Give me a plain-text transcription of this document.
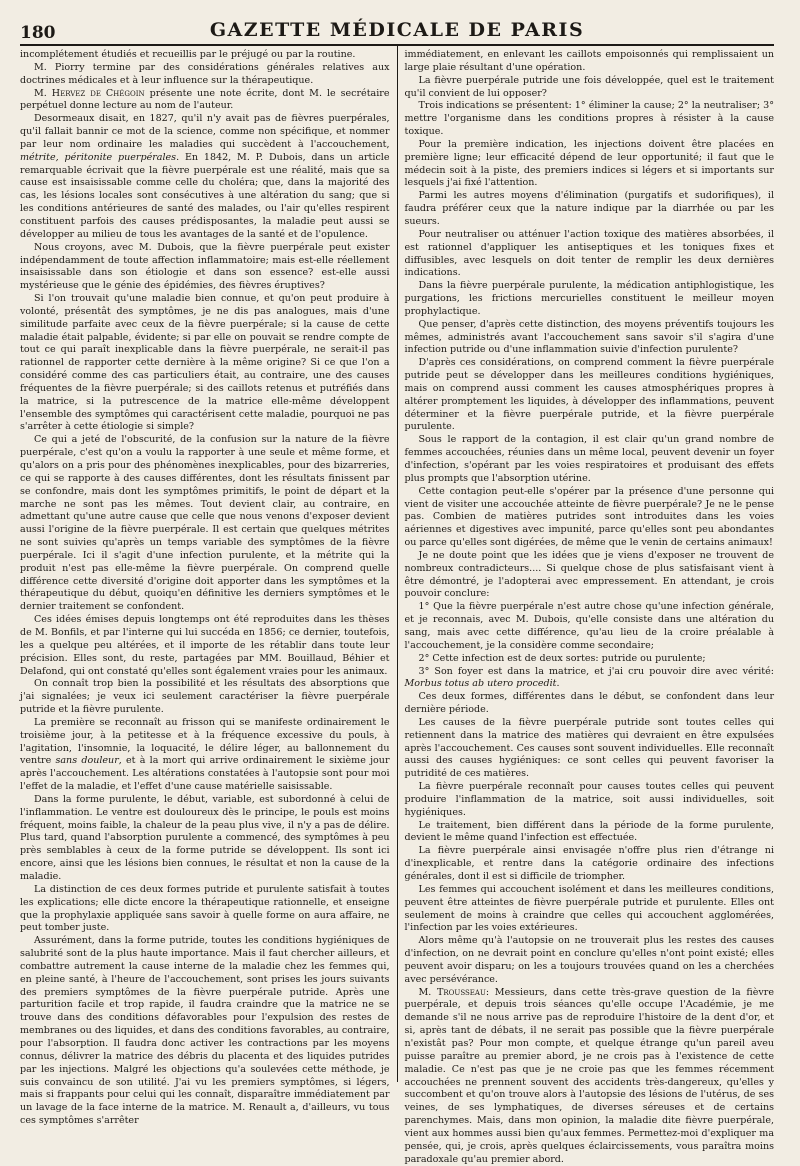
180	GAZETTE MÉDICALE DE PARIS

incomplétement étudiés et recueillis par le préjugé ou par la routine.

M. Piorry termine par des considérations générales relatives aux doctrines médicales et à leur influence sur la thérapeutique.

M. Hervez de Chégoin présente une note écrite, dont M. le secrétaire perpétuel donne lecture au nom de l'auteur.

Desormeaux disait, en 1827, qu'il n'y avait pas de fièvres puerpérales, qu'il fallait bannir ce mot de la science, comme non spécifique, et nommer par leur nom ordinaire les maladies qui succèdent à l'accouchement, métrite, péritonite puerpérales. En 1842, M. P. Dubois, dans un article remarquable écrivait que la fièvre puerpérale est une réalité, mais que sa cause est insaisissable comme celle du choléra; que, dans la majorité des cas, les lésions locales sont consécutives à une altération du sang; que si les conditions antérieures de santé des malades, ou l'air qu'elles respirent constituent parfois des causes prédisposantes, la maladie peut aussi se développer au milieu de tous les avantages de la santé et de l'opulence.

Nous croyons, avec M. Dubois, que la fièvre puerpérale peut exister indépendamment de toute affection inflammatoire; mais est-elle réellement insaisissable dans son étiologie et dans son essence? est-elle aussi mystérieuse que le génie des épidémies, des fièvres éruptives?

Si l'on trouvait qu'une maladie bien connue, et qu'on peut produire à volonté, présentât des symptômes, je ne dis pas analogues, mais d'une similitude parfaite avec ceux de la fièvre puerpérale; si la cause de cette maladie était palpable, évidente; si par elle on pouvait se rendre compte de tout ce qui paraît inexplicable dans la fièvre puerpérale, ne serait-il pas rationnel de rapporter cette dernière à la même origine? Si ce que l'on a considéré comme des cas particuliers était, au contraire, une des causes fréquentes de la fièvre puerpérale; si des caillots retenus et putréfiés dans la matrice, si la putrescence de la matrice elle-même développent l'ensemble des symptômes qui caractérisent cette maladie, pourquoi ne pas s'arrêter à cette étiologie si simple?

Ce qui a jeté de l'obscurité, de la confusion sur la nature de la fièvre puerpérale, c'est qu'on a voulu la rapporter à une seule et même forme, et qu'alors on a pris pour des phénomènes inexplicables, pour des bizarreries, ce qui se rapporte à des causes différentes, dont les résultats finissent par se confondre, mais dont les symptômes primitifs, le point de départ et la marche ne sont pas les mêmes. Tout devient clair, au contraire, en admettant qu'une autre cause que celle que nous venons d'exposer devient aussi l'origine de la fièvre puerpérale. Il est certain que quelques métrites ne sont suivies qu'après un temps variable des symptômes de la fièvre puerpérale. Ici il s'agit d'une infection purulente, et la métrite qui la produit n'est pas elle-même la fièvre puerpérale. On comprend quelle différence cette diversité d'origine doit apporter dans les symptômes et la thérapeutique du début, quoiqu'en définitive les derniers symptômes et le dernier traitement se confondent.

Ces idées émises depuis longtemps ont été reproduites dans les thèses de M. Bonfils, et par l'interne qui lui succéda en 1856; ce dernier, toutefois, les a quelque peu altérées, et il importe de les rétablir dans toute leur précision. Elles sont, du reste, partagées par MM. Bouillaud, Béhier et Delafond, qui ont constaté qu'elles sont également vraies pour les animaux.

On connaît trop bien la possibilité et les résultats des absorptions que j'ai signalées; je veux ici seulement caractériser la fièvre puerpérale putride et la fièvre purulente.

La première se reconnaît au frisson qui se manifeste ordinairement le troisième jour, à la petitesse et à la fréquence excessive du pouls, à l'agitation, l'insomnie, la loquacité, le délire léger, au ballonnement du ventre sans douleur, et à la mort qui arrive ordinairement le sixième jour après l'accouchement. Les altérations constatées à l'autopsie sont pour moi l'effet de la maladie, et l'effet d'une cause matérielle saisissable.

Dans la forme purulente, le début, variable, est subordonné à celui de l'inflammation. Le ventre est douloureux dès le principe, le pouls est moins fréquent, moins faible, la chaleur de la peau plus vive, il n'y a pas de délire. Plus tard, quand l'absorption purulente a commencé, des symptômes à peu près semblables à ceux de la forme putride se développent. Ils sont ici encore, ainsi que les lésions bien connues, le résultat et non la cause de la maladie.

La distinction de ces deux formes putride et purulente satisfait à toutes les explications; elle dicte encore la thérapeutique rationnelle, et enseigne que la prophylaxie appliquée sans savoir à quelle forme on aura affaire, ne peut tomber juste.

Assurément, dans la forme putride, toutes les conditions hygiéniques de salubrité sont de la plus haute importance. Mais il faut chercher ailleurs, et combattre autrement la cause interne de la maladie chez les femmes qui, en pleine santé, à l'heure de l'accouchement, sont prises les jours suivants des premiers symptômes de la fièvre puerpérale putride. Après une parturition facile et trop rapide, il faudra craindre que la matrice ne se trouve dans des conditions défavorables pour l'expulsion des restes de membranes ou des liquides, et dans des conditions favorables, au contraire, pour l'absorption. Il faudra donc activer les contractions par les moyens connus, délivrer la matrice des débris du placenta et des liquides putrides par les injections. Malgré les objections qu'a soulevées cette méthode, je suis convaincu de son utilité. J'ai vu les premiers symptômes, si légers, mais si frappants pour celui qui les connaît, disparaître immédiatement par un lavage de la face interne de la matrice. M. Renault a, d'ailleurs, vu tous ces symptômes s'arrêter

immédiatement, en enlevant les caillots empoisonnés qui remplissaient un large plaie résultant d'une opération.

La fièvre puerpérale putride une fois développée, quel est le traitement qu'il convient de lui opposer?

Trois indications se présentent: 1° éliminer la cause; 2° la neutraliser; 3° mettre l'organisme dans les conditions propres à résister à la cause toxique.

Pour la première indication, les injections doivent être placées en première ligne; leur efficacité dépend de leur opportunité; il faut que le médecin soit à la piste, des premiers indices si légers et si importants sur lesquels j'ai fixé l'attention.

Parmi les autres moyens d'élimination (purgatifs et sudorifiques), il faudra préférer ceux que la nature indique par la diarrhée ou par les sueurs.

Pour neutraliser ou atténuer l'action toxique des matières absorbées, il est rationnel d'appliquer les antiseptiques et les toniques fixes et diffusibles, avec lesquels on doit tenter de remplir les deux dernières indications.

Dans la fièvre puerpérale purulente, la médication antiphlogistique, les purgations, les frictions mercurielles constituent le meilleur moyen prophylactique.

Que penser, d'après cette distinction, des moyens préventifs toujours les mêmes, administrés avant l'accouchement sans savoir s'il s'agira d'une infection putride ou d'une inflammation suivie d'infection purulente?

D'après ces considérations, on comprend comment la fièvre puerpérale putride peut se développer dans les meilleures conditions hygiéniques, mais on comprend aussi comment les causes atmosphériques propres à altérer promptement les liquides, à développer des inflammations, peuvent déterminer et la fièvre puerpérale putride, et la fièvre puerpérale purulente.

Sous le rapport de la contagion, il est clair qu'un grand nombre de femmes accouchées, réunies dans un même local, peuvent devenir un foyer d'infection, s'opérant par les voies respiratoires et produisant des effets plus prompts que l'absorption utérine.

Cette contagion peut-elle s'opérer par la présence d'une personne qui vient de visiter une accouchée atteinte de fièvre puerpérale? Je ne le pense pas. Combien de matières putrides sont introduites dans les voies aériennes et digestives avec impunité, parce qu'elles sont peu abondantes ou parce qu'elles sont digérées, de même que le venin de certains animaux!

Je ne doute point que les idées que je viens d'exposer ne trouvent de nombreux contradicteurs.... Si quelque chose de plus satisfaisant vient à être démontré, je l'adopterai avec empressement. En attendant, je crois pouvoir conclure:

1° Que la fièvre puerpérale n'est autre chose qu'une infection générale, et je reconnais, avec M. Dubois, qu'elle consiste dans une altération du sang, mais avec cette différence, qu'au lieu de la croire préalable à l'accouchement, je la considère comme secondaire;

2° Cette infection est de deux sortes: putride ou purulente;

3° Son foyer est dans la matrice, et j'ai cru pouvoir dire avec vérité: Morbus totus ab utero procedit.

Ces deux formes, différentes dans le début, se confondent dans leur dernière période.

Les causes de la fièvre puerpérale putride sont toutes celles qui retiennent dans la matrice des matières qui devraient en être expulsées après l'accouchement. Ces causes sont souvent individuelles. Elle reconnaît aussi des causes hygiéniques: ce sont celles qui peuvent favoriser la putridité de ces matières.

La fièvre puerpérale reconnaît pour causes toutes celles qui peuvent produire l'inflammation de la matrice, soit aussi individuelles, soit hygiéniques.

Le traitement, bien différent dans la période de la forme purulente, devient le même quand l'infection est effectuée.

La fièvre puerpérale ainsi envisagée n'offre plus rien d'étrange ni d'inexplicable, et rentre dans la catégorie ordinaire des infections générales, dont il est si difficile de triompher.

Les femmes qui accouchent isolément et dans les meilleures conditions, peuvent être atteintes de fièvre puerpérale putride et purulente. Elles ont seulement de moins à craindre que celles qui accouchent agglomérées, l'infection par les voies extérieures.

Alors même qu'à l'autopsie on ne trouverait plus les restes des causes d'infection, on ne devrait point en conclure qu'elles n'ont point existé; elles peuvent avoir disparu; on les a toujours trouvées quand on les a cherchées avec persévérance.

M. Trousseau: Messieurs, dans cette très-grave question de la fièvre puerpérale, et depuis trois séances qu'elle occupe l'Académie, je me demande s'il ne nous arrive pas de reproduire l'histoire de la dent d'or, et si, après tant de débats, il ne serait pas possible que la fièvre puerpérale n'existât pas? Pour mon compte, et quelque étrange qu'un pareil aveu puisse paraître au premier abord, je ne crois pas à l'existence de cette maladie. Ce n'est pas que je ne croie pas que les femmes récemment accouchées ne prennent souvent des accidents très-dangereux, qu'elles y succombent et qu'on trouve alors à l'autopsie des lésions de l'utérus, de ses veines, de ses lymphatiques, de diverses séreuses et de certains parenchymes. Mais, dans mon opinion, la maladie dite fièvre puerpérale, vient aux hommes aussi bien qu'aux femmes. Permettez-moi d'expliquer ma pensée, qui, je crois, après quelques éclaircissements, vous paraîtra moins paradoxale qu'au premier abord.
